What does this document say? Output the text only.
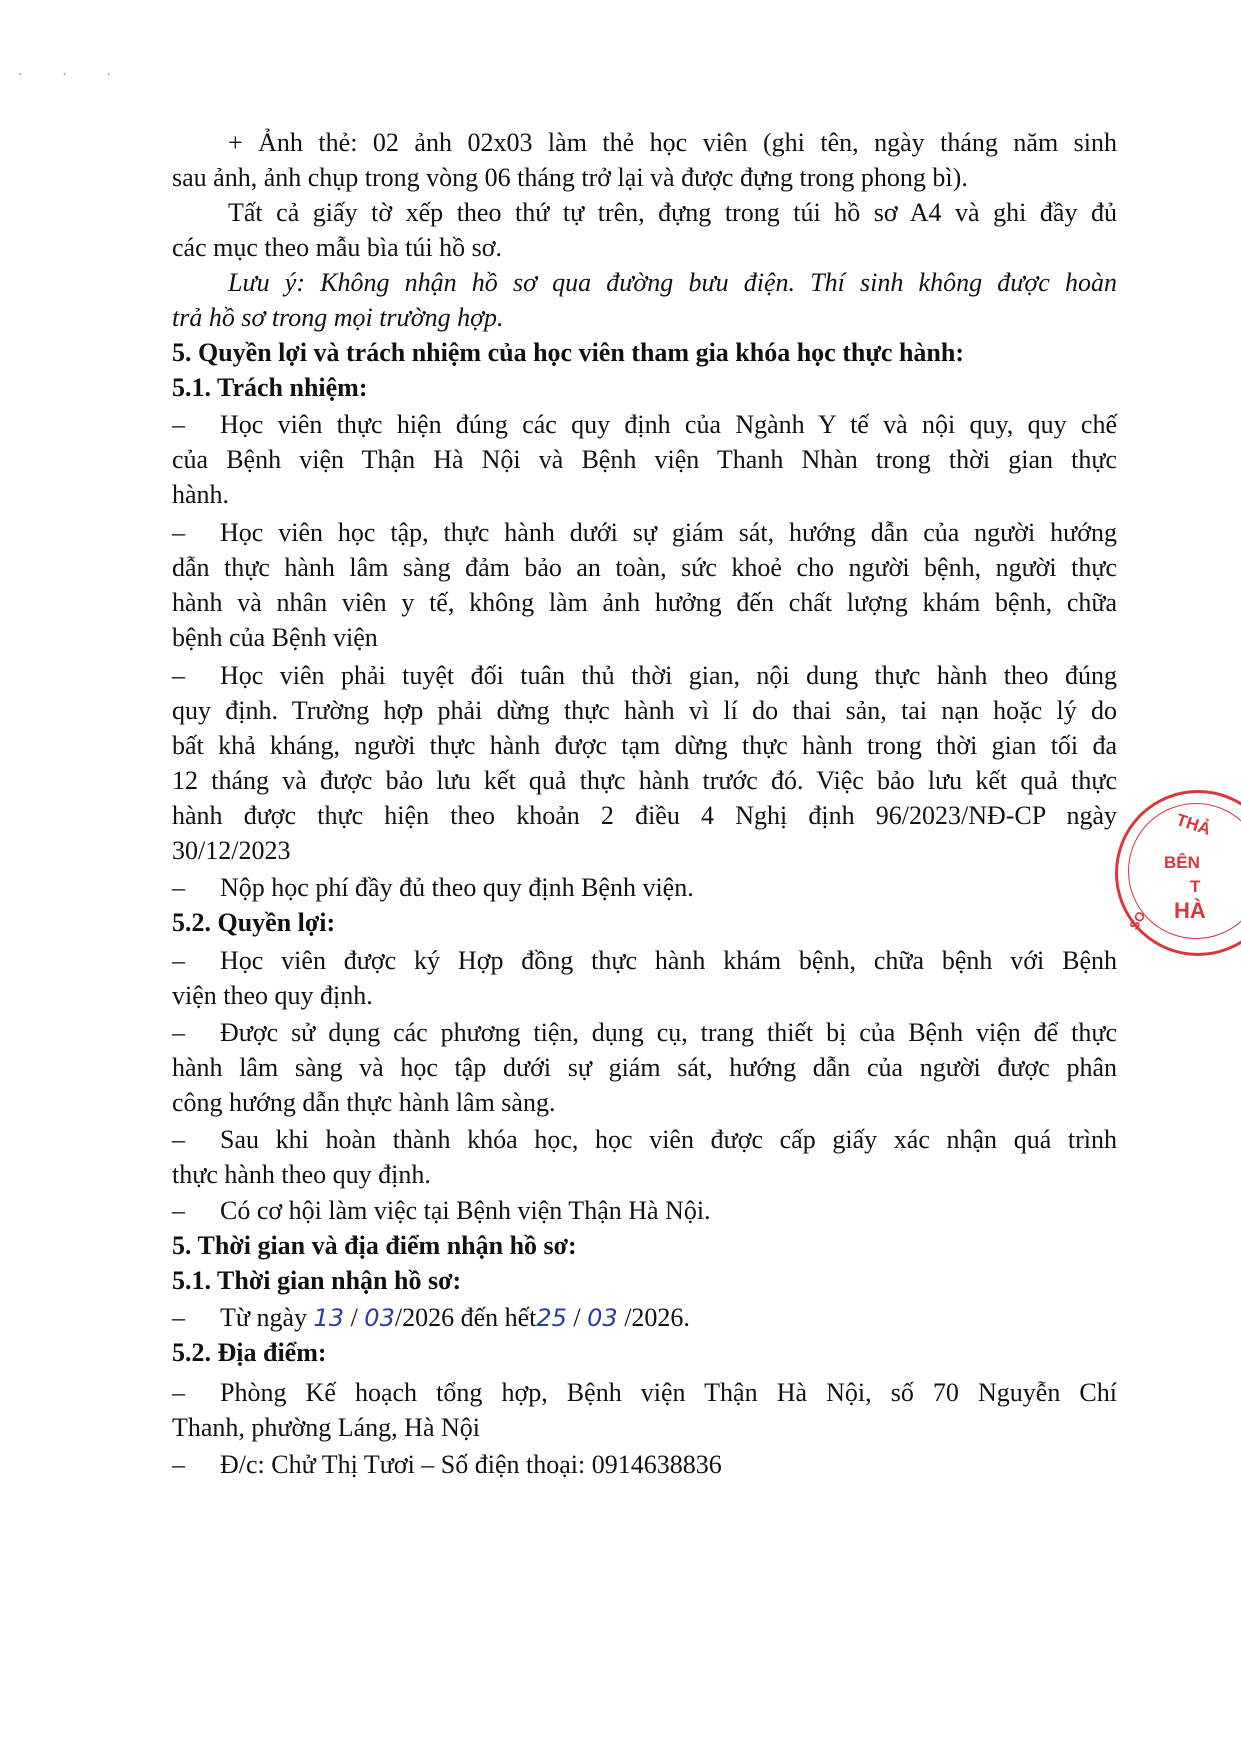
· · ·
+ Ảnh thẻ: 02 ảnh 02x03 làm thẻ học viên (ghi tên, ngày tháng năm sinh
sau ảnh, ảnh chụp trong vòng 06 tháng trở lại và được đựng trong phong bì).
Tất cả giấy tờ xếp theo thứ tự trên, đựng trong túi hồ sơ A4 và ghi đầy đủ
các mục theo mẫu bìa túi hồ sơ.
Lưu ý: Không nhận hồ sơ qua đường bưu điện. Thí sinh không được hoàn
trả hồ sơ trong mọi trường hợp.
5. Quyền lợi và trách nhiệm của học viên tham gia khóa học thực hành:
5.1. Trách nhiệm:
– Học viên thực hiện đúng các quy định của Ngành Y tế và nội quy, quy chế
của Bệnh viện Thận Hà Nội và Bệnh viện Thanh Nhàn trong thời gian thực
hành.
– Học viên học tập, thực hành dưới sự giám sát, hướng dẫn của người hướng
dẫn thực hành lâm sàng đảm bảo an toàn, sức khoẻ cho người bệnh, người thực
hành và nhân viên y tế, không làm ảnh hưởng đến chất lượng khám bệnh, chữa
bệnh của Bệnh viện
– Học viên phải tuyệt đối tuân thủ thời gian, nội dung thực hành theo đúng
quy định. Trường hợp phải dừng thực hành vì lí do thai sản, tai nạn hoặc lý do
bất khả kháng, người thực hành được tạm dừng thực hành trong thời gian tối đa
12 tháng và được bảo lưu kết quả thực hành trước đó. Việc bảo lưu kết quả thực
hành được thực hiện theo khoản 2 điều 4 Nghị định 96/2023/NĐ-CP ngày
30/12/2023
– Nộp học phí đầy đủ theo quy định Bệnh viện.
5.2. Quyền lợi:
– Học viên được ký Hợp đồng thực hành khám bệnh, chữa bệnh với Bệnh
viện theo quy định.
– Được sử dụng các phương tiện, dụng cụ, trang thiết bị của Bệnh viện để thực
hành lâm sàng và học tập dưới sự giám sát, hướng dẫn của người được phân
công hướng dẫn thực hành lâm sàng.
– Sau khi hoàn thành khóa học, học viên được cấp giấy xác nhận quá trình
thực hành theo quy định.
– Có cơ hội làm việc tại Bệnh viện Thận Hà Nội.
5. Thời gian và địa điểm nhận hồ sơ:
5.1. Thời gian nhận hồ sơ:
– Từ ngày 13 / 03/2026 đến hết25 / 03 /2026.
5.2. Địa điểm:
– Phòng Kế hoạch tổng hợp, Bệnh viện Thận Hà Nội, số 70 Nguyễn Chí
Thanh, phường Láng, Hà Nội
– Đ/c: Chử Thị Tươi – Số điện thoại: 0914638836
THẢ
BÊN
T
HÀ
SO
